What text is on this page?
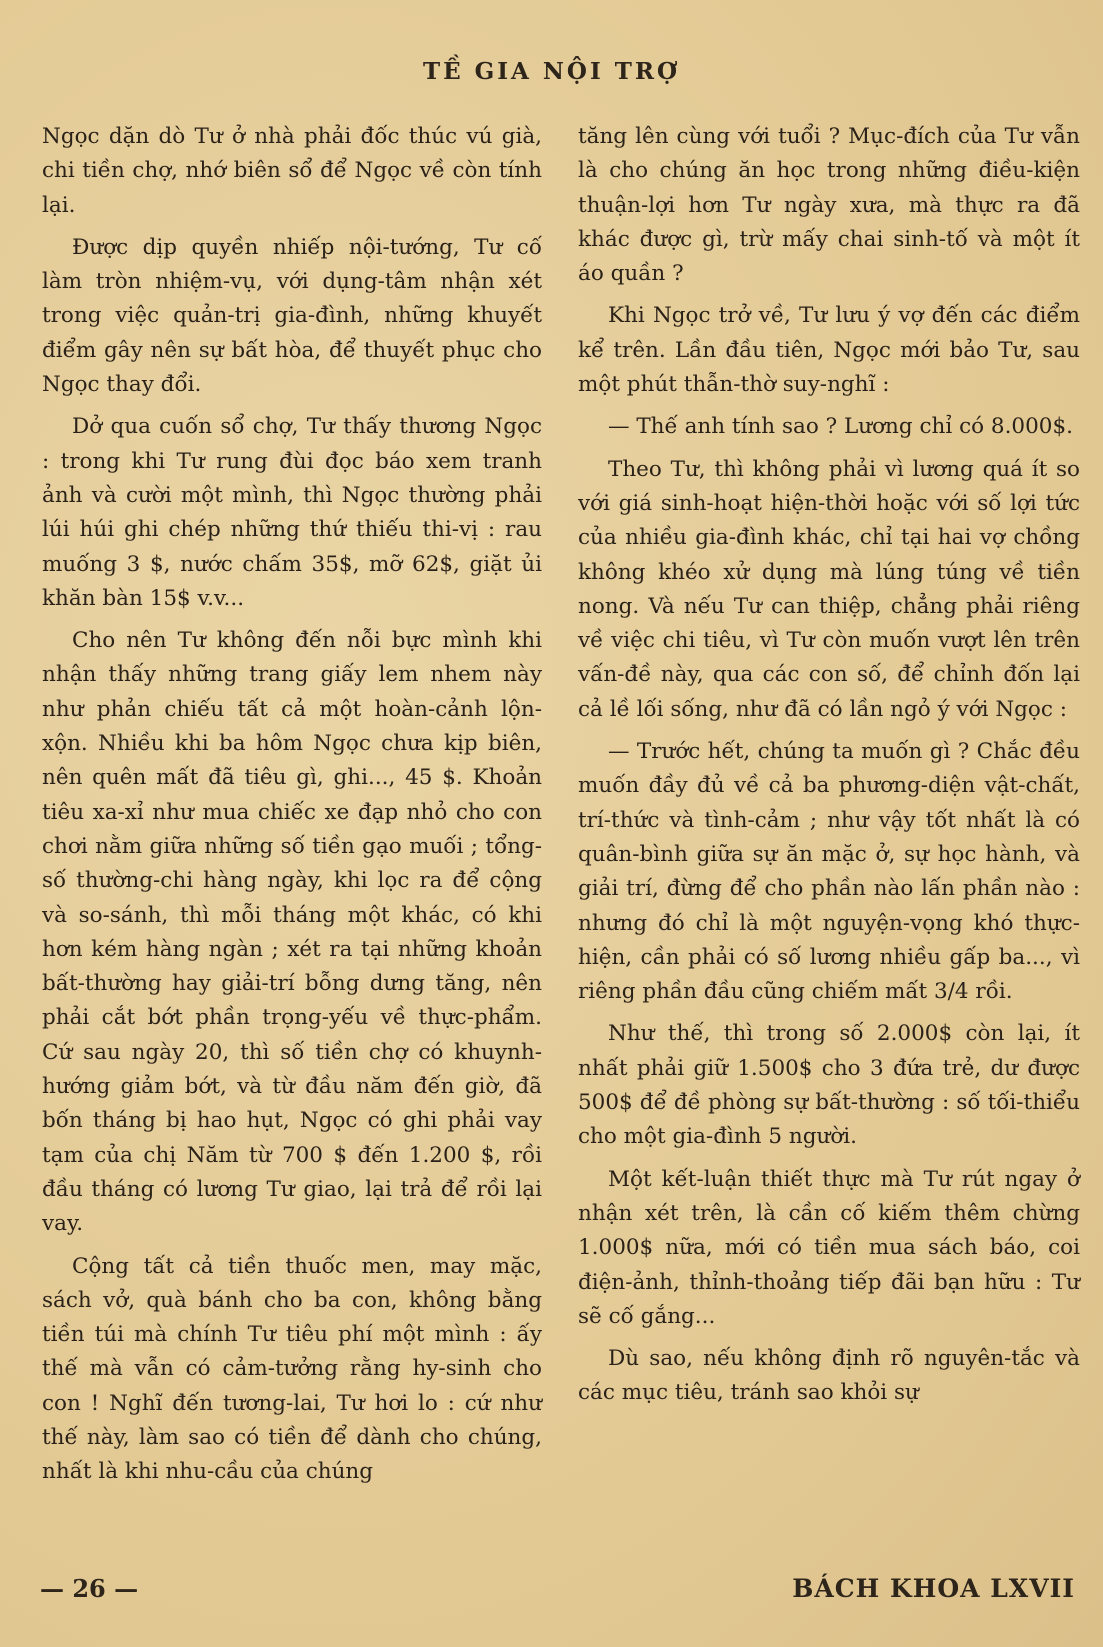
TỀ GIA NỘI TRỢ

Ngọc dặn dò Tư ở nhà phải đốc thúc vú già, chi tiền chợ, nhớ biên sổ để Ngọc về còn tính lại.

Được dịp quyền nhiếp nội-tướng, Tư cố làm tròn nhiệm-vụ, với dụng-tâm nhận xét trong việc quản-trị gia-đình, những khuyết điểm gây nên sự bất hòa, để thuyết phục cho Ngọc thay đổi.

Dở qua cuốn sổ chợ, Tư thấy thương Ngọc : trong khi Tư rung đùi đọc báo xem tranh ảnh và cười một mình, thì Ngọc thường phải lúi húi ghi chép những thứ thiếu thi-vị : rau muống 3 $, nước chấm 35$, mỡ 62$, giặt ủi khăn bàn 15$ v.v...

Cho nên Tư không đến nỗi bực mình khi nhận thấy những trang giấy lem nhem này như phản chiếu tất cả một hoàn-cảnh lộn-xộn. Nhiều khi ba hôm Ngọc chưa kịp biên, nên quên mất đã tiêu gì, ghi..., 45 $. Khoản tiêu xa-xỉ như mua chiếc xe đạp nhỏ cho con chơi nằm giữa những số tiền gạo muối ; tổng-số thường-chi hàng ngày, khi lọc ra để cộng và so-sánh, thì mỗi tháng một khác, có khi hơn kém hàng ngàn ; xét ra tại những khoản bất-thường hay giải-trí bỗng dưng tăng, nên phải cắt bớt phần trọng-yếu về thực-phẩm. Cứ sau ngày 20, thì số tiền chợ có khuynh-hướng giảm bớt, và từ đầu năm đến giờ, đã bốn tháng bị hao hụt, Ngọc có ghi phải vay tạm của chị Năm từ 700 $ đến 1.200 $, rồi đầu tháng có lương Tư giao, lại trả để rồi lại vay.

Cộng tất cả tiền thuốc men, may mặc, sách vở, quà bánh cho ba con, không bằng tiền túi mà chính Tư tiêu phí một mình : ấy thế mà vẫn có cảm-tưởng rằng hy-sinh cho con ! Nghĩ đến tương-lai, Tư hơi lo : cứ như thế này, làm sao có tiền để dành cho chúng, nhất là khi nhu-cầu của chúng

tăng lên cùng với tuổi ? Mục-đích của Tư vẫn là cho chúng ăn học trong những điều-kiện thuận-lợi hơn Tư ngày xưa, mà thực ra đã khác được gì, trừ mấy chai sinh-tố và một ít áo quần ?

Khi Ngọc trở về, Tư lưu ý vợ đến các điểm kể trên. Lần đầu tiên, Ngọc mới bảo Tư, sau một phút thẫn-thờ suy-nghĩ :

— Thế anh tính sao ? Lương chỉ có 8.000$.

Theo Tư, thì không phải vì lương quá ít so với giá sinh-hoạt hiện-thời hoặc với số lợi tức của nhiều gia-đình khác, chỉ tại hai vợ chồng không khéo xử dụng mà lúng túng về tiền nong. Và nếu Tư can thiệp, chẳng phải riêng về việc chi tiêu, vì Tư còn muốn vượt lên trên vấn-đề này, qua các con số, để chỉnh đốn lại cả lề lối sống, như đã có lần ngỏ ý với Ngọc :

— Trước hết, chúng ta muốn gì ? Chắc đều muốn đầy đủ về cả ba phương-diện vật-chất, trí-thức và tình-cảm ; như vậy tốt nhất là có quân-bình giữa sự ăn mặc ở, sự học hành, và giải trí, đừng để cho phần nào lấn phần nào : nhưng đó chỉ là một nguyện-vọng khó thực-hiện, cần phải có số lương nhiều gấp ba..., vì riêng phần đầu cũng chiếm mất 3/4 rồi.

Như thế, thì trong số 2.000$ còn lại, ít nhất phải giữ 1.500$ cho 3 đứa trẻ, dư được 500$ để đề phòng sự bất-thường : số tối-thiểu cho một gia-đình 5 người.

Một kết-luận thiết thực mà Tư rút ngay ở nhận xét trên, là cần cố kiếm thêm chừng 1.000$ nữa, mới có tiền mua sách báo, coi điện-ảnh, thỉnh-thoảng tiếp đãi bạn hữu : Tư sẽ cố gắng...

Dù sao, nếu không định rõ nguyên-tắc và các mục tiêu, tránh sao khỏi sự

— 26 —	BÁCH KHOA LXVII
